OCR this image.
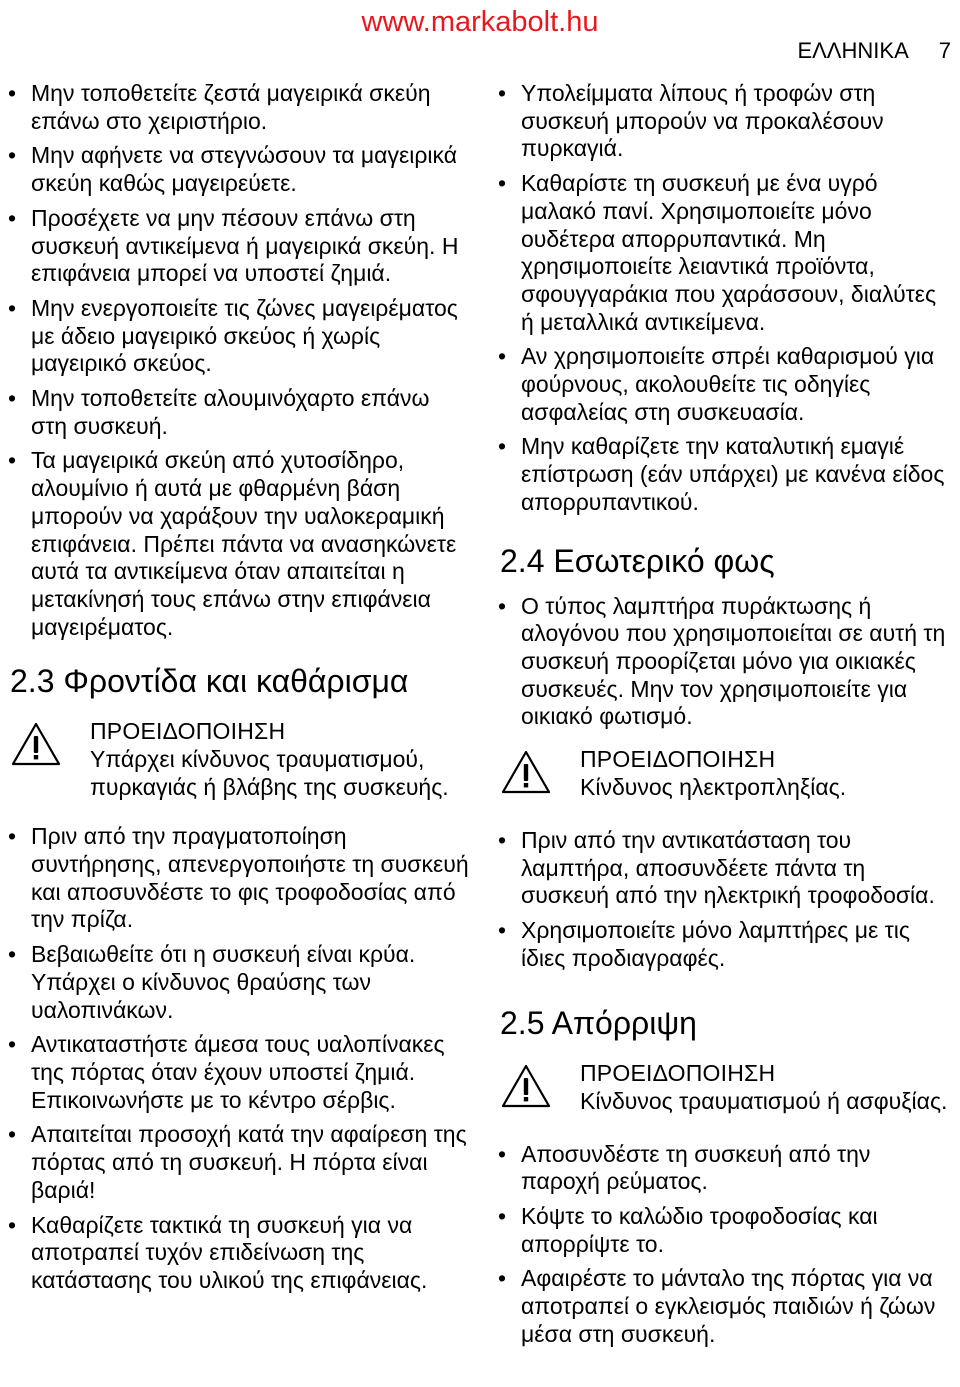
www.markabolt.hu
ΕΛΛΗΝΙΚΑ 7
• Μην τοποθετείτε ζεστά μαγειρικά σκεύη επάνω στο χειριστήριο.
• Μην αφήνετε να στεγνώσουν τα μαγειρικά σκεύη καθώς μαγειρεύετε.
• Προσέχετε να μην πέσουν επάνω στη συσκευή αντικείμενα ή μαγειρικά σκεύη. Η επιφάνεια μπορεί να υποστεί ζημιά.
• Μην ενεργοποιείτε τις ζώνες μαγειρέματος με άδειο μαγειρικό σκεύος ή χωρίς μαγειρικό σκεύος.
• Μην τοποθετείτε αλουμινόχαρτο επάνω στη συσκευή.
• Τα μαγειρικά σκεύη από χυτοσίδηρο, αλουμίνιο ή αυτά με φθαρμένη βάση μπορούν να χαράξουν την υαλοκεραμική επιφάνεια. Πρέπει πάντα να ανασηκώνετε αυτά τα αντικείμενα όταν απαιτείται η μετακίνησή τους επάνω στην επιφάνεια μαγειρέματος.
2.3 Φροντίδα και καθάρισμα
ΠΡΟΕΙΔΟΠΟΙΗΣΗ
Υπάρχει κίνδυνος τραυματισμού, πυρκαγιάς ή βλάβης της συσκευής.
• Πριν από την πραγματοποίηση συντήρησης, απενεργοποιήστε τη συσκευή και αποσυνδέστε το φις τροφοδοσίας από την πρίζα.
• Βεβαιωθείτε ότι η συσκευή είναι κρύα. Υπάρχει ο κίνδυνος θραύσης των υαλοπινάκων.
• Αντικαταστήστε άμεσα τους υαλοπίνακες της πόρτας όταν έχουν υποστεί ζημιά. Επικοινωνήστε με το κέντρο σέρβις.
• Απαιτείται προσοχή κατά την αφαίρεση της πόρτας από τη συσκευή. Η πόρτα είναι βαριά!
• Καθαρίζετε τακτικά τη συσκευή για να αποτραπεί τυχόν επιδείνωση της κατάστασης του υλικού της επιφάνειας.
• Υπολείμματα λίπους ή τροφών στη συσκευή μπορούν να προκαλέσουν πυρκαγιά.
• Καθαρίστε τη συσκευή με ένα υγρό μαλακό πανί. Χρησιμοποιείτε μόνο ουδέτερα απορρυπαντικά. Μη χρησιμοποιείτε λειαντικά προϊόντα, σφουγγαράκια που χαράσσουν, διαλύτες ή μεταλλικά αντικείμενα.
• Αν χρησιμοποιείτε σπρέι καθαρισμού για φούρνους, ακολουθείτε τις οδηγίες ασφαλείας στη συσκευασία.
• Μην καθαρίζετε την καταλυτική εμαγιέ επίστρωση (εάν υπάρχει) με κανένα είδος απορρυπαντικού.
2.4 Εσωτερικό φως
• Ο τύπος λαμπτήρα πυράκτωσης ή αλογόνου που χρησιμοποιείται σε αυτή τη συσκευή προορίζεται μόνο για οικιακές συσκευές. Μην τον χρησιμοποιείτε για οικιακό φωτισμό.
ΠΡΟΕΙΔΟΠΟΙΗΣΗ
Κίνδυνος ηλεκτροπληξίας.
• Πριν από την αντικατάσταση του λαμπτήρα, αποσυνδέετε πάντα τη συσκευή από την ηλεκτρική τροφοδοσία.
• Χρησιμοποιείτε μόνο λαμπτήρες με τις ίδιες προδιαγραφές.
2.5 Απόρριψη
ΠΡΟΕΙΔΟΠΟΙΗΣΗ
Κίνδυνος τραυματισμού ή ασφυξίας.
• Αποσυνδέστε τη συσκευή από την παροχή ρεύματος.
• Κόψτε το καλώδιο τροφοδοσίας και απορρίψτε το.
• Αφαιρέστε το μάνταλο της πόρτας για να αποτραπεί ο εγκλεισμός παιδιών ή ζώων μέσα στη συσκευή.
